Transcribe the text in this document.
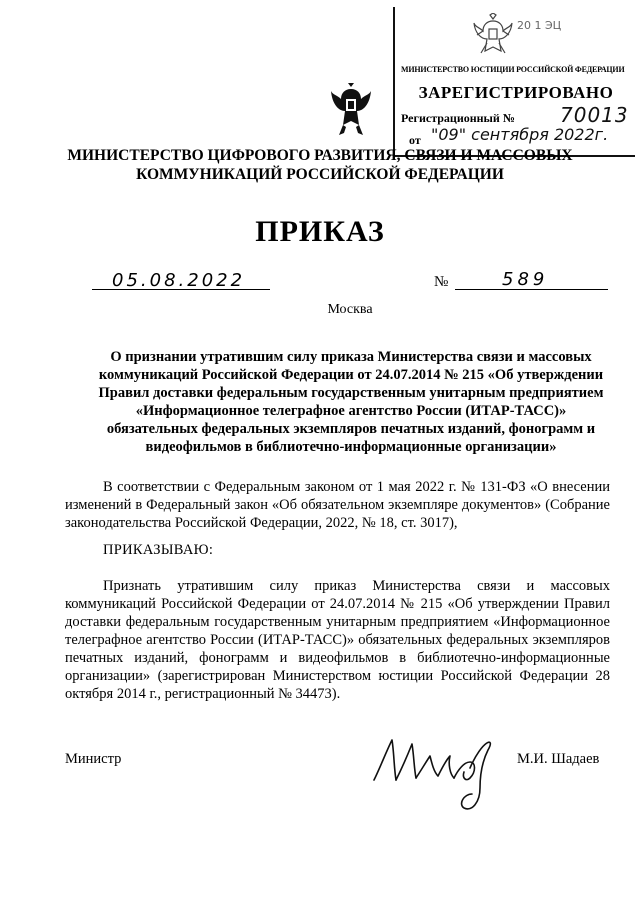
20 1 ЭЦ
МИНИСТЕРСТВО ЮСТИЦИИ РОССИЙСКОЙ ФЕДЕРАЦИИ
ЗАРЕГИСТРИРОВАНО
Регистрационный № 70013
от "09" сентября 2022г.
МИНИСТЕРСТВО ЦИФРОВОГО РАЗВИТИЯ, СВЯЗИ И МАССОВЫХ
КОММУНИКАЦИЙ РОССИЙСКОЙ ФЕДЕРАЦИИ
ПРИКАЗ
05.08.2022	№	589
Москва
О признании утратившим силу приказа Министерства связи и массовых
коммуникаций Российской Федерации от 24.07.2014 № 215 «Об утверждении
Правил доставки федеральным государственным унитарным предприятием
«Информационное телеграфное агентство России (ИТАР-ТАСС)»
обязательных федеральных экземпляров печатных изданий, фонограмм и
видеофильмов в библиотечно-информационные организации»
В соответствии с Федеральным законом от 1 мая 2022 г. № 131-ФЗ «О внесении изменений в Федеральный закон «Об обязательном экземпляре документов» (Собрание законодательства Российской Федерации, 2022, № 18, ст. 3017),
ПРИКАЗЫВАЮ:
Признать утратившим силу приказ Министерства связи и массовых коммуникаций Российской Федерации от 24.07.2014 № 215 «Об утверждении Правил доставки федеральным государственным унитарным предприятием «Информационное телеграфное агентство России (ИТАР-ТАСС)» обязательных федеральных экземпляров печатных изданий, фонограмм и видеофильмов в библиотечно-информационные организации» (зарегистрирован Министерством юстиции Российской Федерации 28 октября 2014 г., регистрационный № 34473).
Министр	М.И. Шадаев
